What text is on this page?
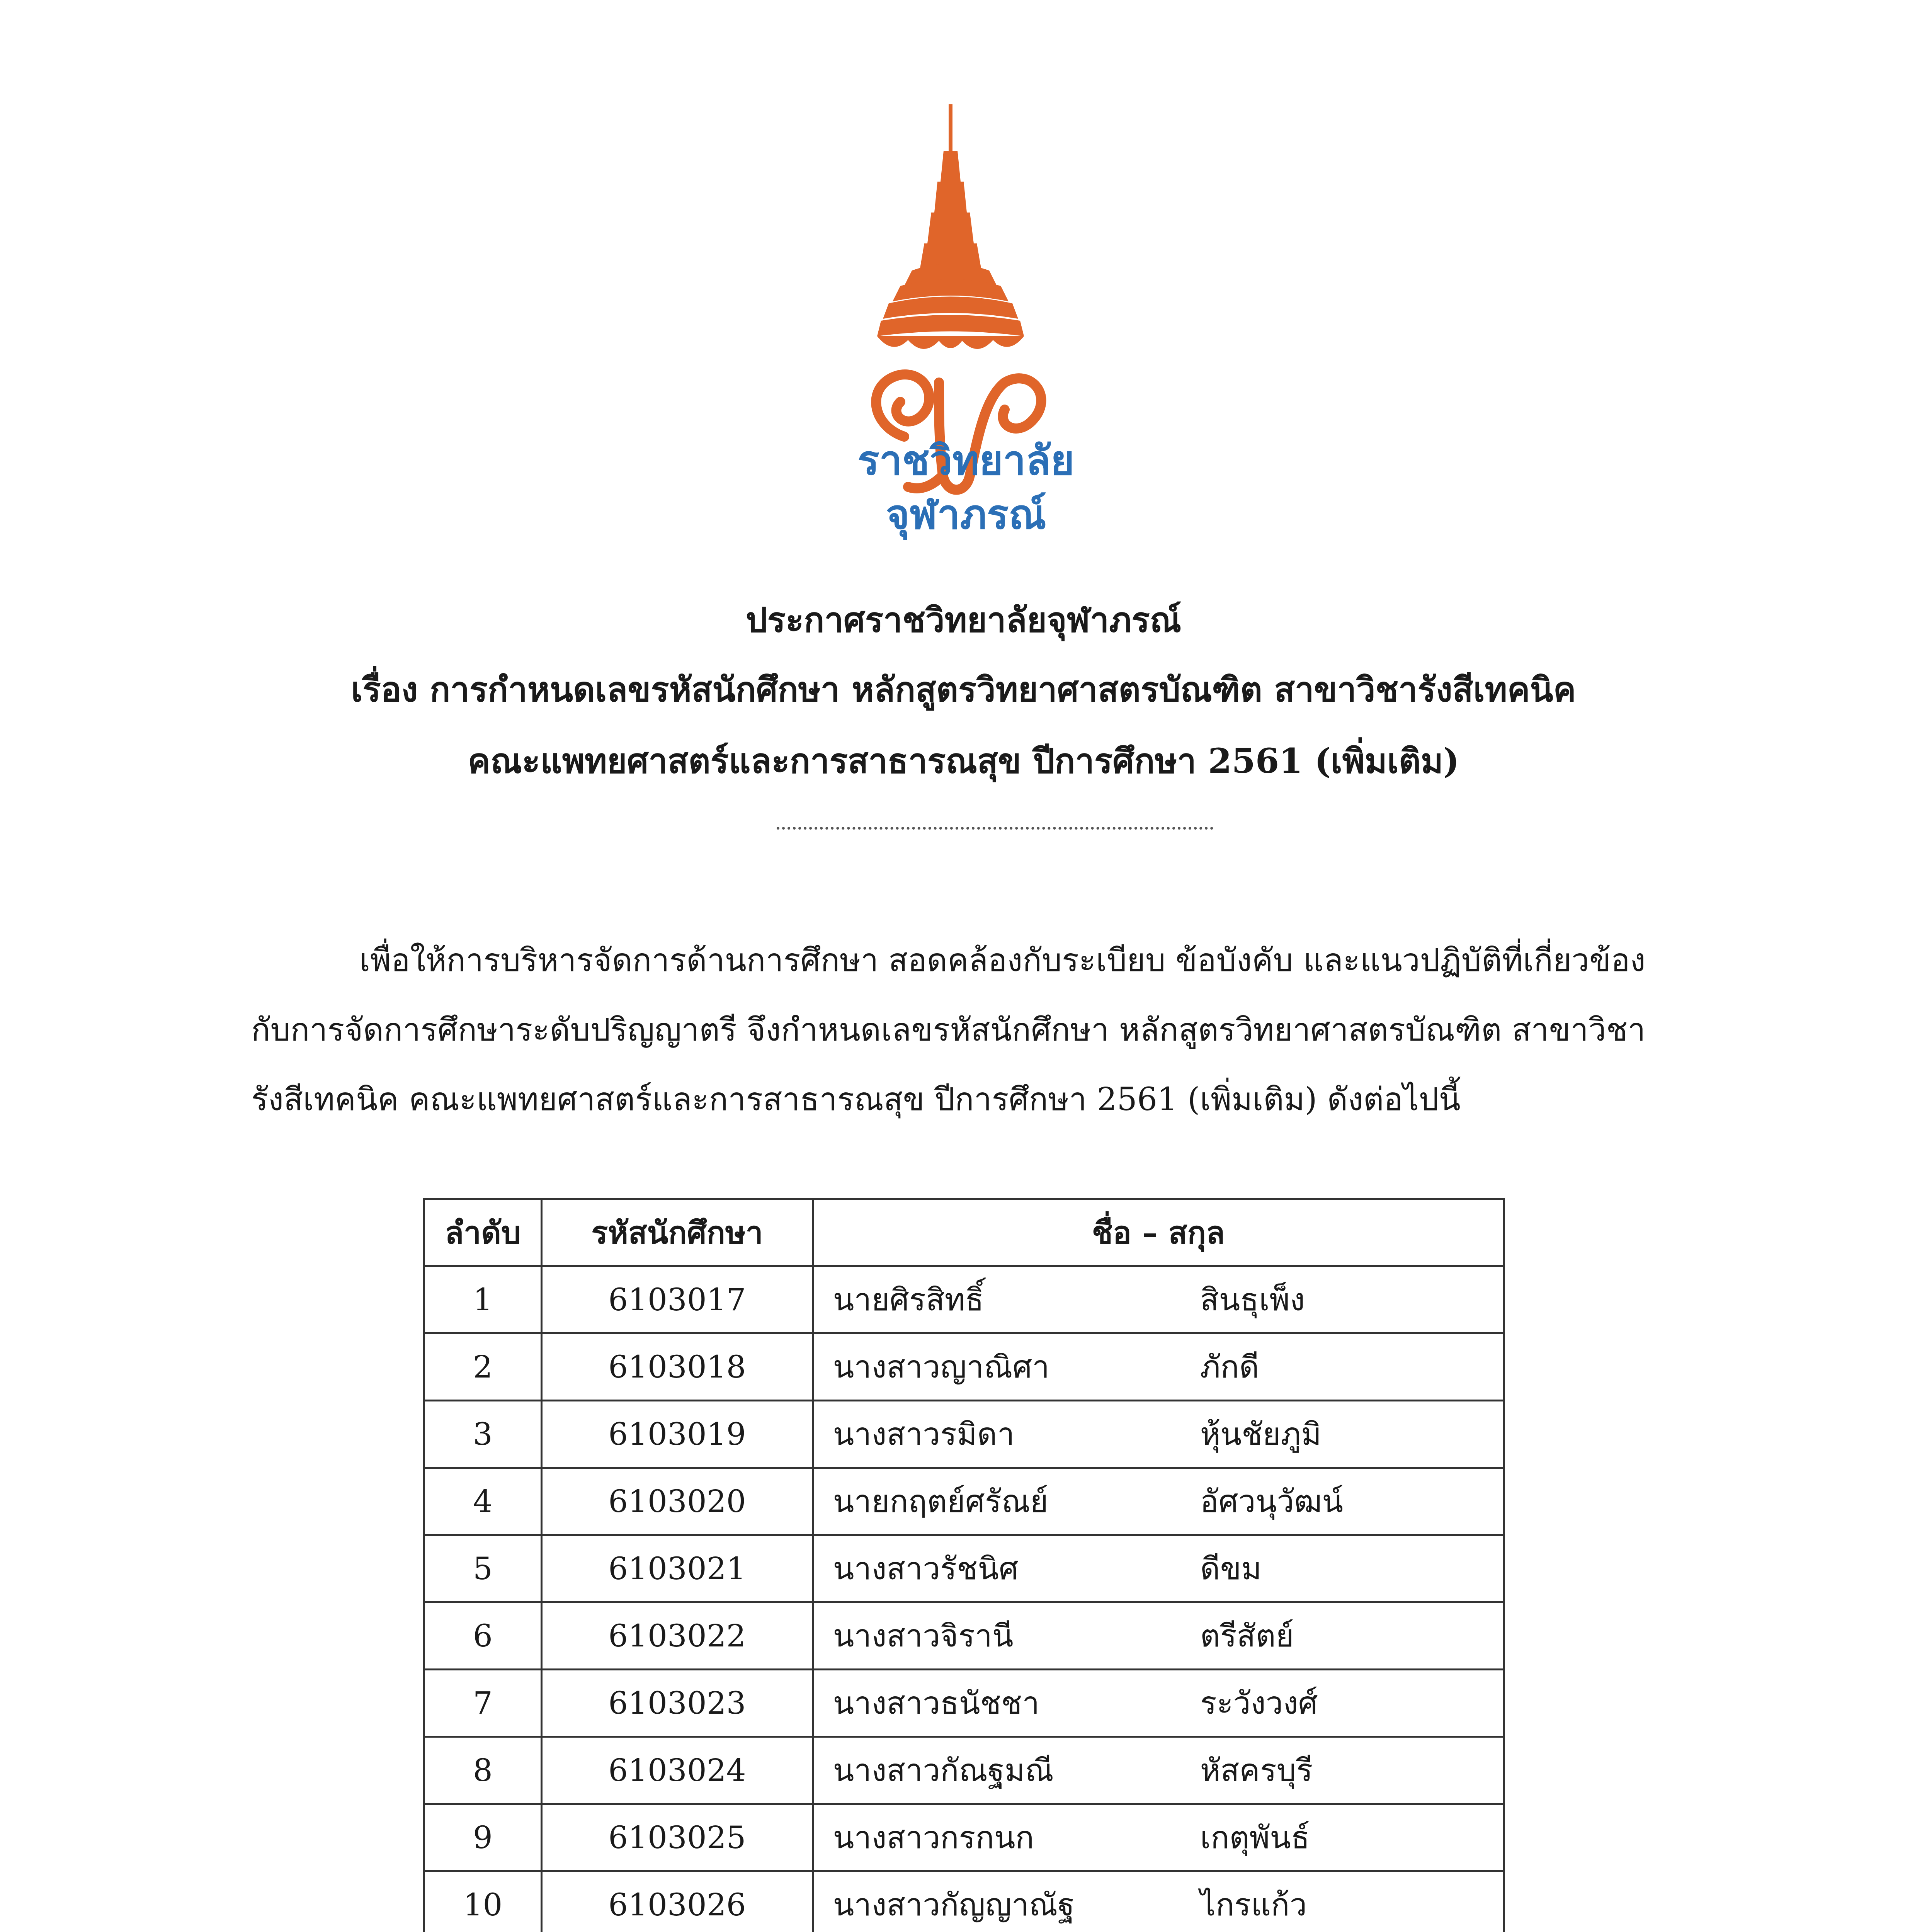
ราชวิทยาลัย
จุฬาภรณ์
ประกาศราชวิทยาลัยจุฬาภรณ์
เรื่อง การกำหนดเลขรหัสนักศึกษา หลักสูตรวิทยาศาสตรบัณฑิต สาขาวิชารังสีเทคนิค
คณะแพทยศาสตร์และการสาธารณสุข ปีการศึกษา 2561 (เพิ่มเติม)
เพื่อให้การบริหารจัดการด้านการศึกษา สอดคล้องกับระเบียบ ข้อบังคับ และแนวปฏิบัติที่เกี่ยวข้อง
กับการจัดการศึกษาระดับปริญญาตรี จึงกำหนดเลขรหัสนักศึกษา หลักสูตรวิทยาศาสตรบัณฑิต สาขาวิชา
รังสีเทคนิค คณะแพทยศาสตร์และการสาธารณสุข ปีการศึกษา 2561 (เพิ่มเติม) ดังต่อไปนี้
ลำดับ	รหัสนักศึกษา	ชื่อ – สกุล
1	6103017	นายศิรสิทธิ์ สินธุเพ็ง

2	6103018	นางสาวญาณิศา ภักดี

3	6103019	นางสาวรมิดา หุ้นชัยภูมิ

4	6103020	นายกฤตย์ศรัณย์ อัศวนุวัฒน์

5	6103021	นางสาวรัชนิศ ดีขม

6	6103022	นางสาวจิรานี ตรีสัตย์

7	6103023	นางสาวธนัชชา ระวังวงศ์

8	6103024	นางสาวกัณฐมณี หัสครบุรี

9	6103025	นางสาวกรกนก เกตุพันธ์

10	6103026	นางสาวกัญญาณัฐ ไกรแก้ว
